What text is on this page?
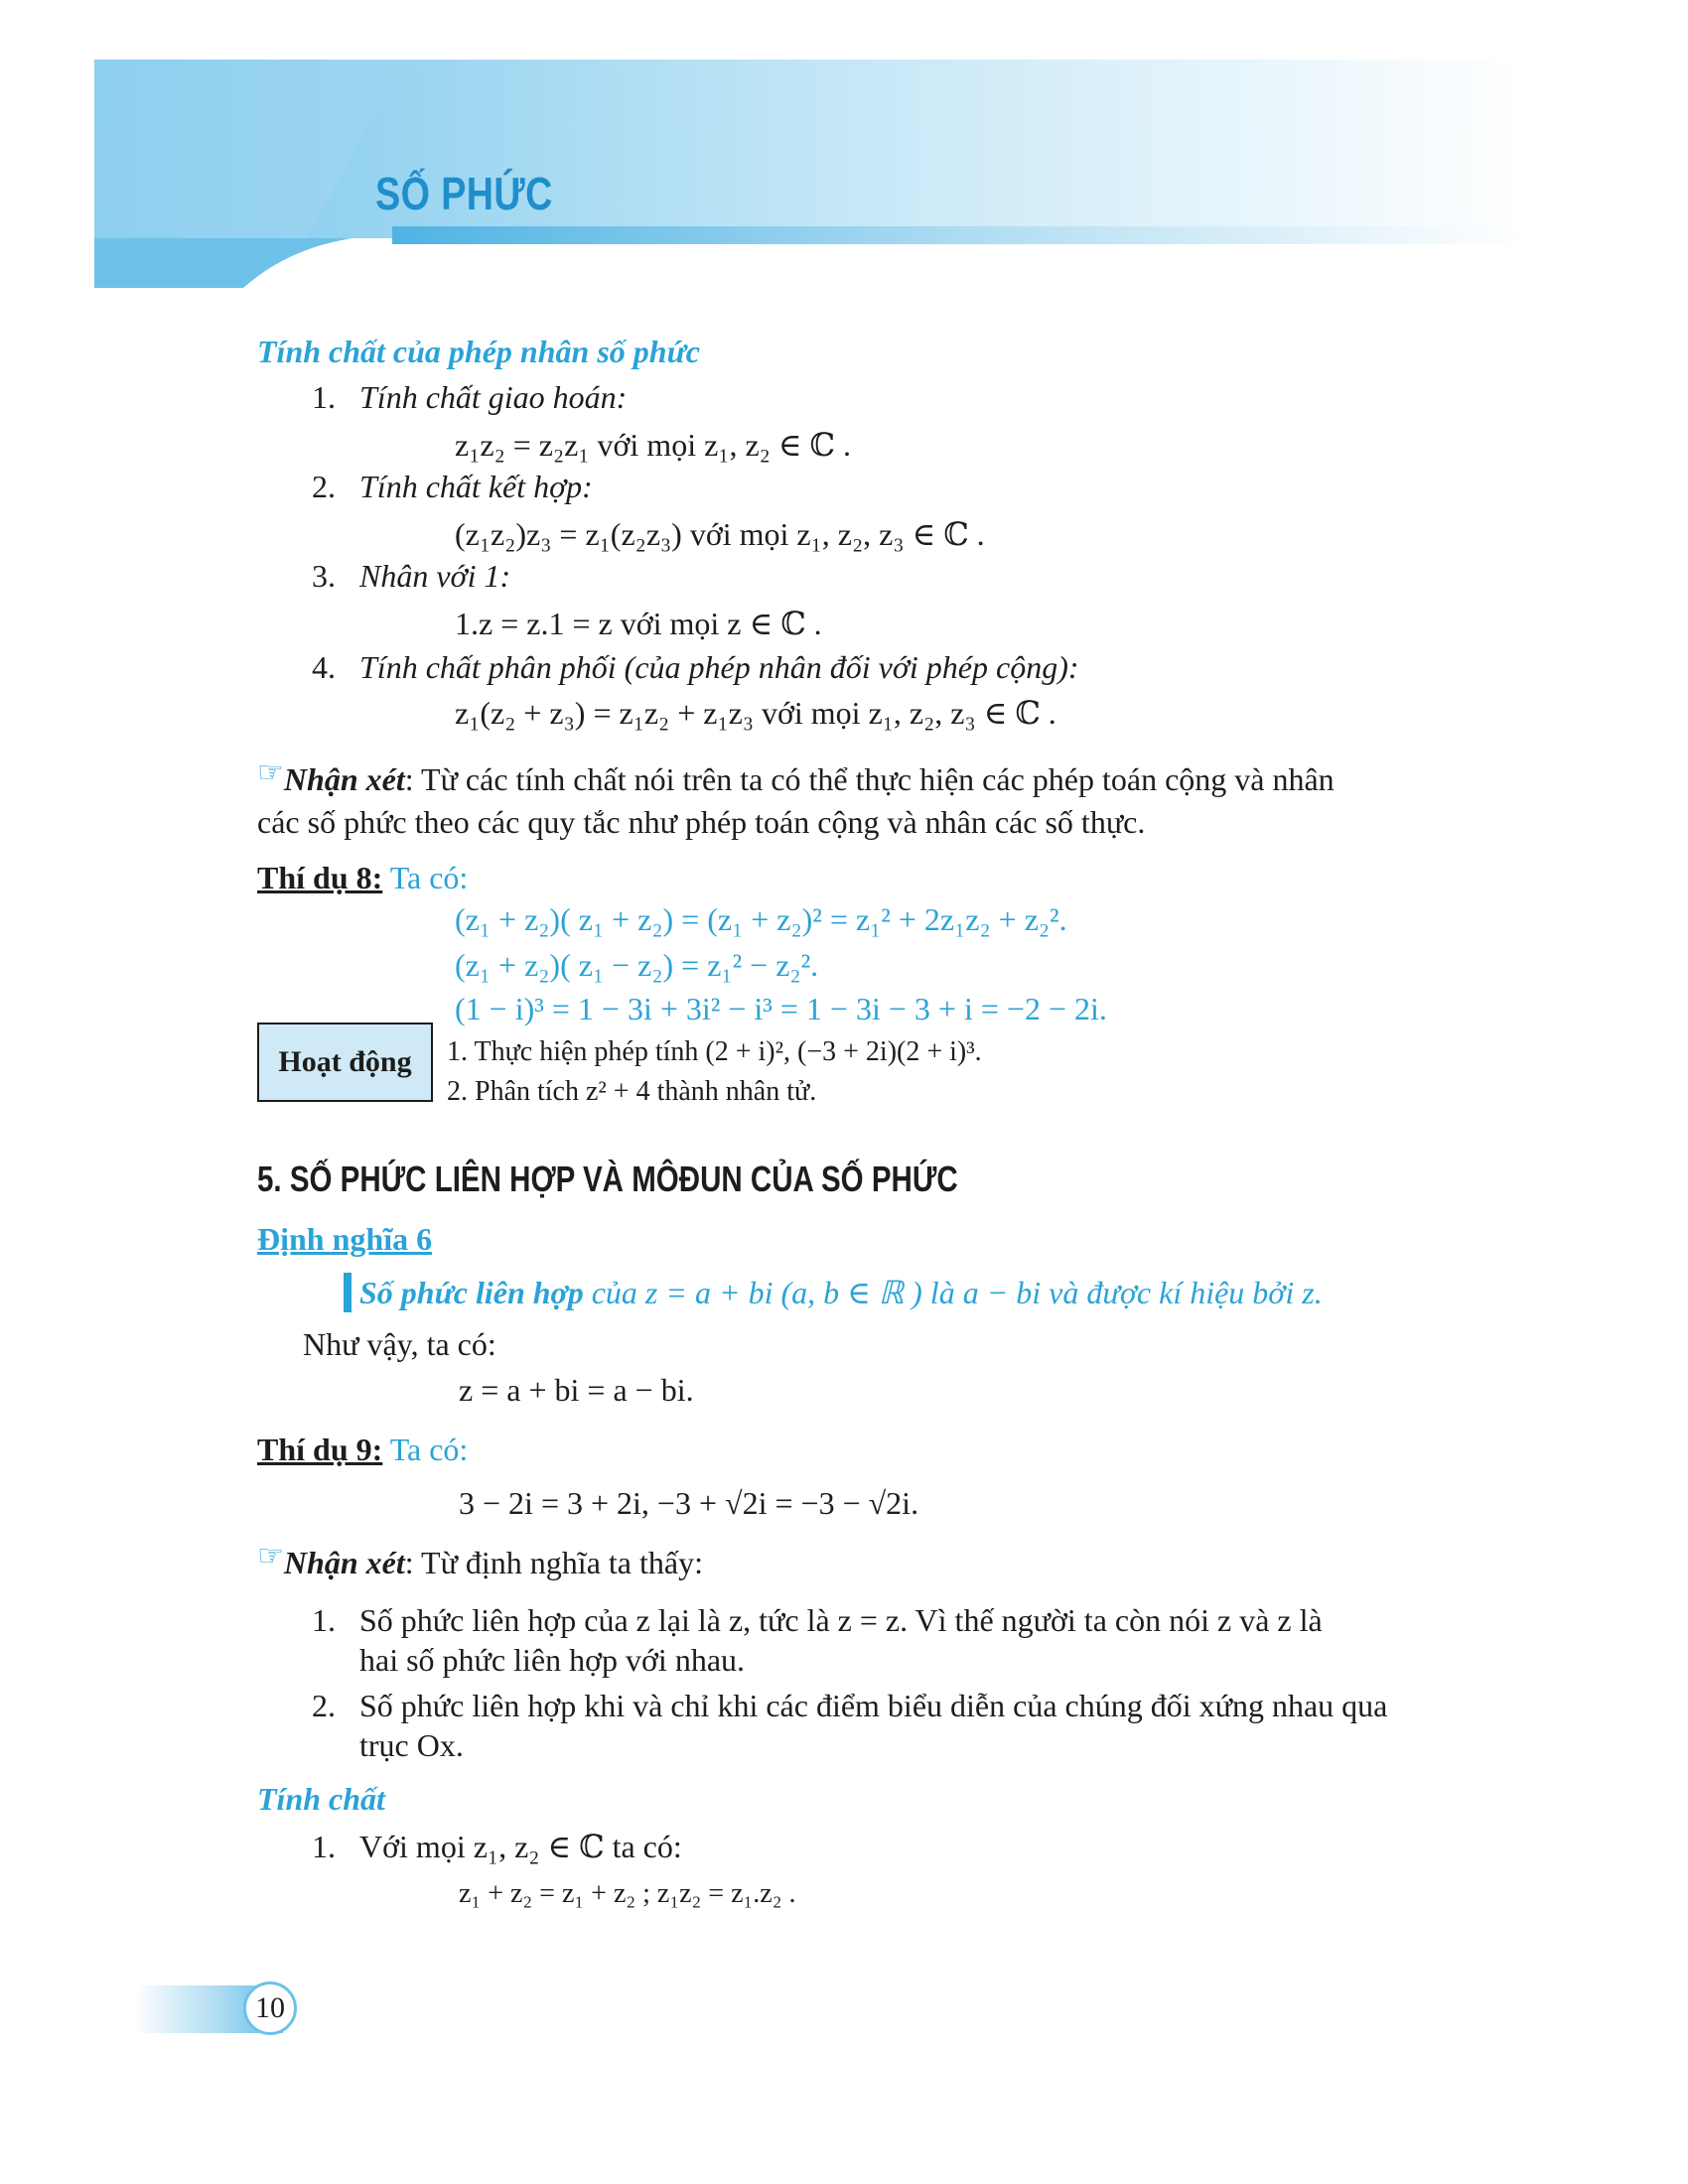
SỐ PHỨC
Tính chất của phép nhân số phức
1. Tính chất giao hoán:
z₁z₂ = z₂z₁ với mọi z₁, z₂ ∈ ℂ .
2. Tính chất kết hợp:
(z₁z₂)z₃ = z₁(z₂z₃) với mọi z₁, z₂, z₃ ∈ ℂ .
3. Nhân với 1:
1.z = z.1 = z với mọi z ∈ ℂ .
4. Tính chất phân phối (của phép nhân đối với phép cộng):
z₁(z₂ + z₃) = z₁z₂ + z₁z₃ với mọi z₁, z₂, z₃ ∈ ℂ .
☞Nhận xét: Từ các tính chất nói trên ta có thể thực hiện các phép toán cộng và nhân
các số phức theo các quy tắc như phép toán cộng và nhân các số thực.
Thí dụ 8: Ta có:
(z₁ + z₂)( z₁ + z₂) = (z₁ + z₂)² = z₁² + 2z₁z₂ + z₂².
(z₁ + z₂)( z₁ − z₂) = z₁² − z₂².
(1 − i)³ = 1 − 3i + 3i² − i³ = 1 − 3i − 3 + i = −2 − 2i.
Hoạt động 1. Thực hiện phép tính (2 + i)², (−3 + 2i)(2 + i)³.
2. Phân tích z² + 4 thành nhân tử.
5. SỐ PHỨC LIÊN HỢP VÀ MÔĐUN CỦA SỐ PHỨC
Định nghĩa 6
Số phức liên hợp của z = a + bi (a, b ∈ ℝ ) là a − bi và được kí hiệu bởi z.
Như vậy, ta có:
z = a + bi = a − bi.
Thí dụ 9: Ta có:
3 − 2i = 3 + 2i, −3 + √2i = −3 − √2i.
☞Nhận xét: Từ định nghĩa ta thấy:
1. Số phức liên hợp của z lại là z, tức là z = z. Vì thế người ta còn nói z và z là
hai số phức liên hợp với nhau.
2. Số phức liên hợp khi và chỉ khi các điểm biểu diễn của chúng đối xứng nhau qua
trục Ox.
Tính chất
1. Với mọi z₁, z₂ ∈ ℂ ta có:
z₁ + z₂ = z₁ + z₂ ; z₁z₂ = z₁.z₂ .
10
